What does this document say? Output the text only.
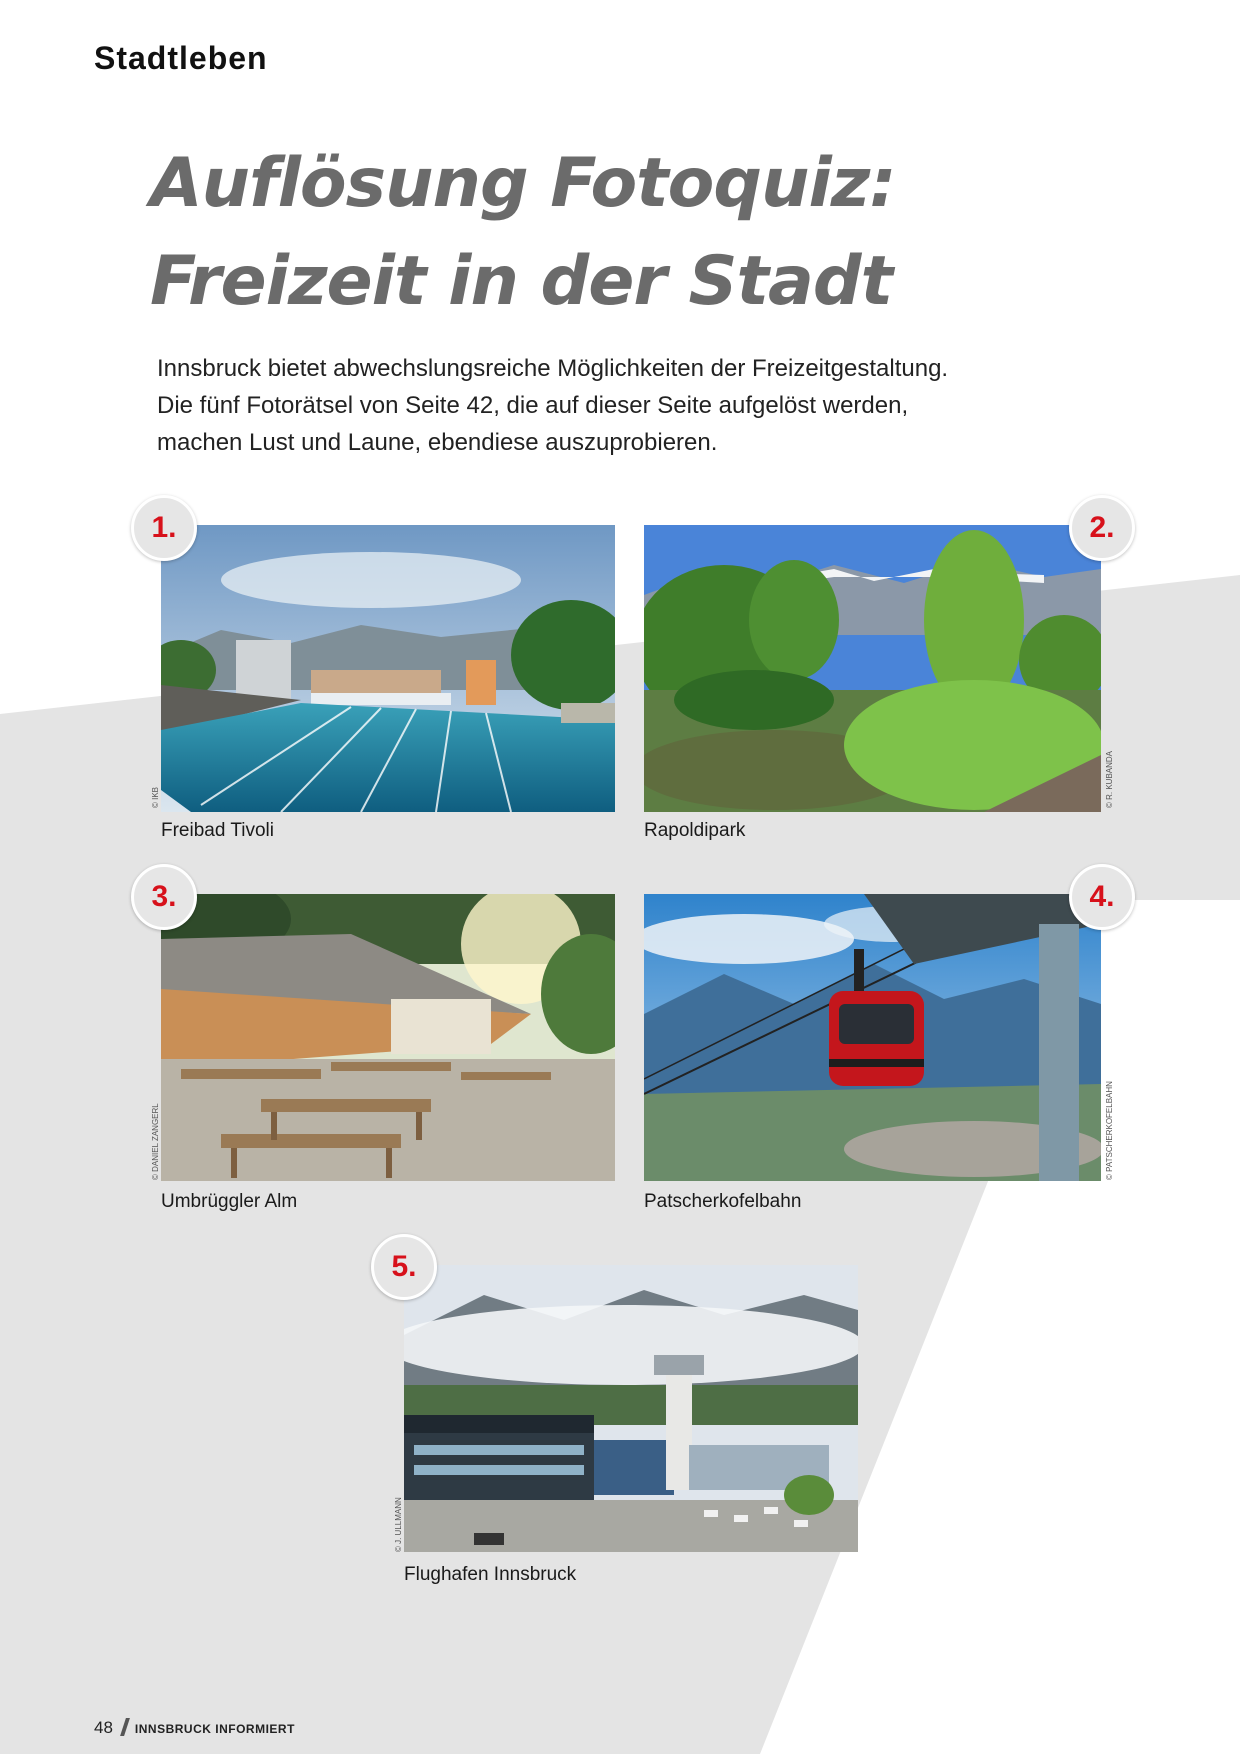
Stadtleben
Auflösung Fotoquiz:
Freizeit in der Stadt

Innsbruck bietet abwechslungsreiche Möglichkeiten der Freizeitgestaltung.
Die fünf Fotorätsel von Seite 42, die auf dieser Seite aufgelöst werden,
machen Lust und Laune, ebendiese auszuprobieren.

1.	2.
3.	4.
5.
Freibad Tivoli	Rapoldipark
Umbrüggler Alm	Patscherkofelbahn
Flughafen Innsbruck
© IKB	© R. KUBANDA
© DANIEL ZANGERL	© PATSCHERKOFELBAHN
© J. ULLMANN
48 INNSBRUCK INFORMIERT
